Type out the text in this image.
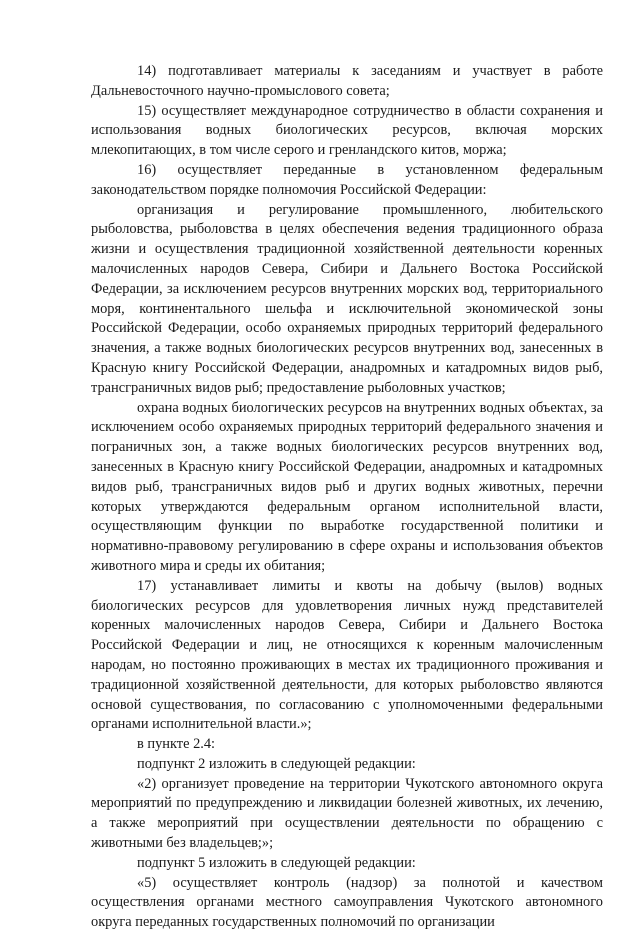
14) подготавливает материалы к заседаниям и участвует в работе Дальневосточного научно-промыслового совета;

15) осуществляет международное сотрудничество в области сохранения и использования водных биологических ресурсов, включая морских млекопитающих, в том числе серого и гренландского китов, моржа;

16) осуществляет переданные в установленном федеральным законодательством порядке полномочия Российской Федерации:

организация и регулирование промышленного, любительского рыболовства, рыболовства в целях обеспечения ведения традиционного образа жизни и осуществления традиционной хозяйственной деятельности коренных малочисленных народов Севера, Сибири и Дальнего Востока Российской Федерации, за исключением ресурсов внутренних морских вод, территориального моря, континентального шельфа и исключительной экономической зоны Российской Федерации, особо охраняемых природных территорий федерального значения, а также водных биологических ресурсов внутренних вод, занесенных в Красную книгу Российской Федерации, анадромных и катадромных видов рыб, трансграничных видов рыб; предоставление рыболовных участков;

охрана водных биологических ресурсов на внутренних водных объектах, за исключением особо охраняемых природных территорий федерального значения и пограничных зон, а также водных биологических ресурсов внутренних вод, занесенных в Красную книгу Российской Федерации, анадромных и катадромных видов рыб, трансграничных видов рыб и других водных животных, перечни которых утверждаются федеральным органом исполнительной власти, осуществляющим функции по выработке государственной политики и нормативно-правовому регулированию в сфере охраны и использования объектов животного мира и среды их обитания;

17) устанавливает лимиты и квоты на добычу (вылов) водных биологических ресурсов для удовлетворения личных нужд представителей коренных малочисленных народов Севера, Сибири и Дальнего Востока Российской Федерации и лиц, не относящихся к коренным малочисленным народам, но постоянно проживающих в местах их традиционного проживания и традиционной хозяйственной деятельности, для которых рыболовство являются основой существования, по согласованию с уполномоченными федеральными органами исполнительной власти.»;

в пункте 2.4:

подпункт 2 изложить в следующей редакции:

«2) организует проведение на территории Чукотского автономного округа мероприятий по предупреждению и ликвидации болезней животных, их лечению, а также мероприятий при осуществлении деятельности по обращению с животными без владельцев;»;

подпункт 5 изложить в следующей редакции:

«5) осуществляет контроль (надзор) за полнотой и качеством осуществления органами местного самоуправления Чукотского автономного округа переданных государственных полномочий по организации
